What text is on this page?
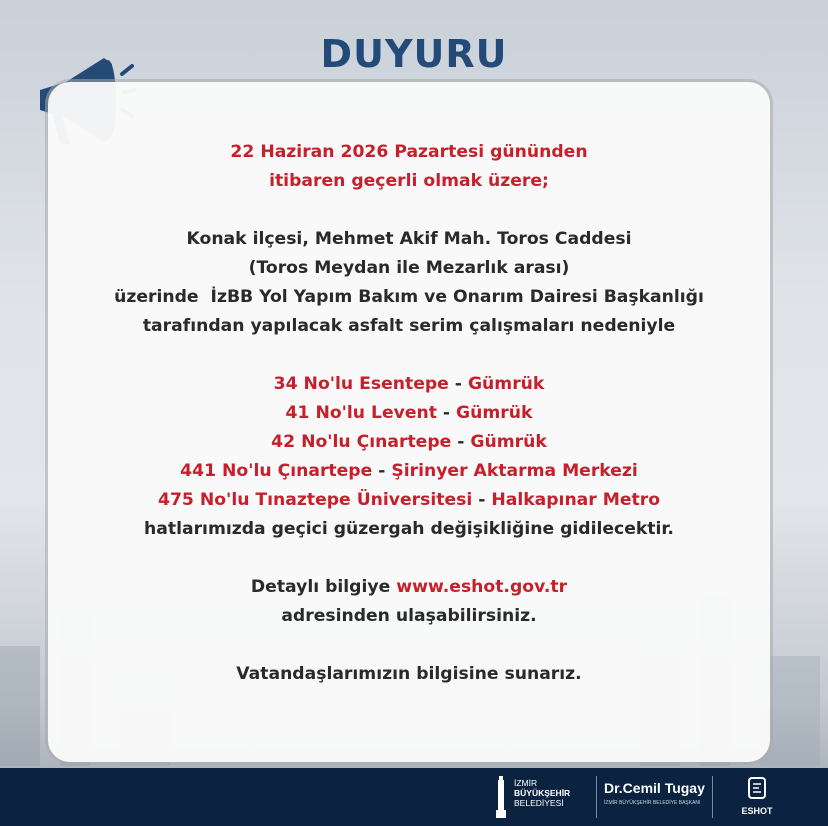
DUYURU
22 Haziran 2026 Pazartesi gününden
itibaren geçerli olmak üzere;
Konak ilçesi, Mehmet Akif Mah. Toros Caddesi
(Toros Meydan ile Mezarlık arası)
üzerinde  İzBB Yol Yapım Bakım ve Onarım Dairesi Başkanlığı
tarafından yapılacak asfalt serim çalışmaları nedeniyle
34 No'lu Esentepe - Gümrük
41 No'lu Levent - Gümrük
42 No'lu Çınartepe - Gümrük
441 No'lu Çınartepe - Şirinyer Aktarma Merkezi
475 No'lu Tınaztepe Üniversitesi - Halkapınar Metro
hatlarımızda geçici güzergah değişikliğine gidilecektir.
Detaylı bilgiye www.eshot.gov.tr
adresinden ulaşabilirsiniz.
Vatandaşlarımızın bilgisine sunarız.
İZMİR
BÜYÜKŞEHİR
BELEDİYESİ
Dr.Cemil Tugay
İZMİR BÜYÜKŞEHİR BELEDİYE BAŞKANI
ESHOT
